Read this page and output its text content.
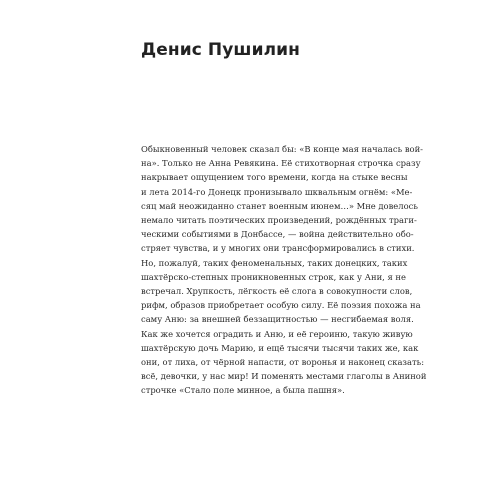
Денис Пушилин
Обыкновенный человек сказал бы: «В конце мая началась вой-
на». Только не Анна Ревякина. Её стихотворная строчка сразу
накрывает ощущением того времени, когда на стыке весны
и лета 2014-го Донецк пронизывало шквальным огнём: «Ме-
сяц май неожиданно станет военным июнем…» Мне довелось
немало читать поэтических произведений, рождённых траги-
ческими событиями в Донбассе, — война действительно обо-
стряет чувства, и у многих они трансформировались в стихи.
Но, пожалуй, таких феноменальных, таких донецких, таких
шахтёрско-степных проникновенных строк, как у Ани, я не
встречал. Хрупкость, лёгкость её слога в совокупности слов,
рифм, образов приобретает особую силу. Её поэзия похожа на
саму Аню: за внешней беззащитностью — несгибаемая воля.
Как же хочется оградить и Аню, и её героиню, такую живую
шахтёрскую дочь Марию, и ещё тысячи тысячи таких же, как
они, от лиха, от чёрной напасти, от воронья и наконец сказать:
всё, девочки, у нас мир! И поменять местами глаголы в Аниной
строчке «Стало поле минное, а была пашня».
